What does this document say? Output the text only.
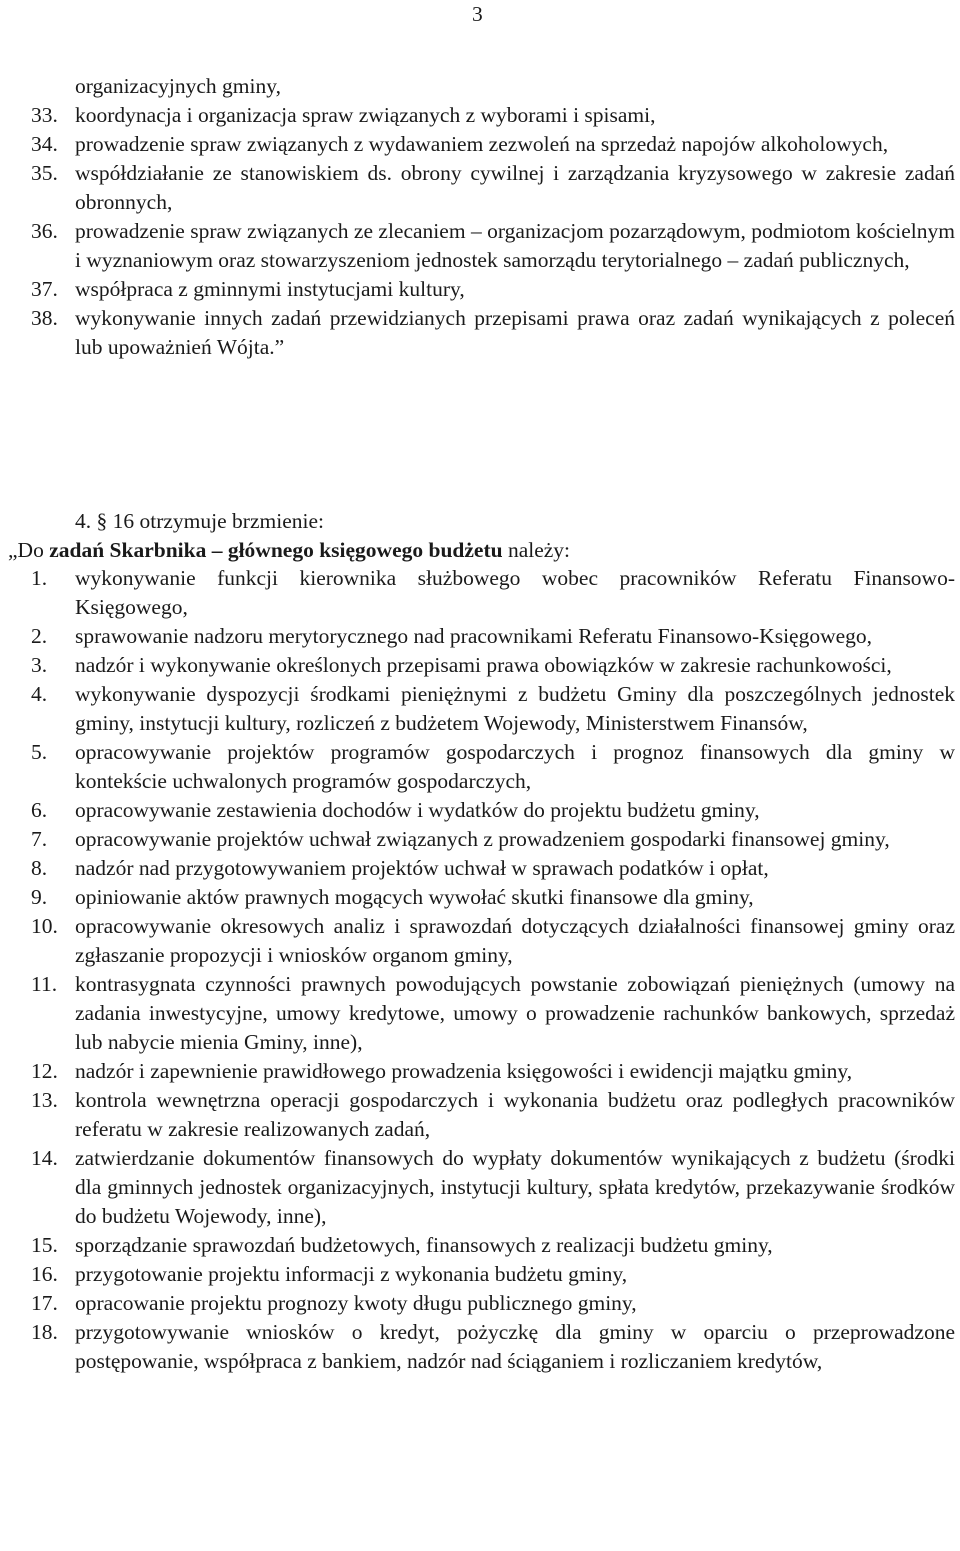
3
organizacyjnych gminy,
33. koordynacja i organizacja spraw związanych z wyborami i spisami,
34. prowadzenie spraw związanych z wydawaniem zezwoleń na sprzedaż napojów alkoholowych,
35. współdziałanie ze stanowiskiem ds. obrony cywilnej i zarządzania kryzysowego w zakresie zadań obronnych,
36. prowadzenie spraw związanych ze zlecaniem – organizacjom pozarządowym, podmiotom kościelnym i wyznaniowym oraz stowarzyszeniom jednostek samorządu terytorialnego – zadań publicznych,
37. współpraca z gminnymi instytucjami kultury,
38. wykonywanie innych zadań przewidzianych przepisami prawa oraz zadań wynikających z poleceń lub upoważnień Wójta.”
4. § 16 otrzymuje brzmienie:
„Do zadań Skarbnika – głównego księgowego budżetu należy:
1.	wykonywanie funkcji kierownika służbowego wobec pracowników Referatu Finansowo-Księgowego,
2.	sprawowanie nadzoru merytorycznego nad pracownikami Referatu Finansowo-Księgowego,
3.	nadzór i wykonywanie określonych przepisami prawa obowiązków w zakresie rachunkowości,
4.	wykonywanie dyspozycji środkami pieniężnymi z budżetu Gminy dla poszczególnych jednostek gminy, instytucji kultury, rozliczeń z budżetem Wojewody, Ministerstwem Finansów,
5.	opracowywanie projektów programów gospodarczych i prognoz finansowych dla gminy w kontekście uchwalonych programów gospodarczych,
6.	opracowywanie zestawienia dochodów i wydatków do projektu budżetu gminy,
7.	opracowywanie projektów uchwał związanych z prowadzeniem gospodarki finansowej gminy,
8.	nadzór nad przygotowywaniem projektów uchwał w sprawach podatków i opłat,
9.	opiniowanie aktów prawnych mogących wywołać skutki finansowe dla gminy,
10. opracowywanie okresowych analiz i sprawozdań dotyczących działalności finansowej gminy oraz zgłaszanie propozycji i wniosków organom gminy,
11. kontrasygnata czynności prawnych powodujących powstanie zobowiązań pieniężnych (umowy na zadania inwestycyjne, umowy kredytowe, umowy o prowadzenie rachunków bankowych, sprzedaż lub nabycie mienia Gminy, inne),
12. nadzór i zapewnienie prawidłowego prowadzenia księgowości i ewidencji majątku gminy,
13. kontrola wewnętrzna operacji gospodarczych i wykonania budżetu oraz podległych pracowników referatu w zakresie realizowanych zadań,
14. zatwierdzanie dokumentów finansowych do wypłaty dokumentów wynikających z budżetu (środki dla gminnych jednostek organizacyjnych, instytucji kultury, spłata kredytów, przekazywanie środków do budżetu Wojewody, inne),
15. sporządzanie sprawozdań budżetowych, finansowych z realizacji budżetu gminy,
16. przygotowanie projektu informacji z wykonania budżetu gminy,
17. opracowanie projektu prognozy kwoty długu publicznego gminy,
18. przygotowywanie wniosków o kredyt, pożyczkę dla gminy w oparciu o przeprowadzone postępowanie, współpraca z bankiem, nadzór nad ściąganiem i rozliczaniem kredytów,
